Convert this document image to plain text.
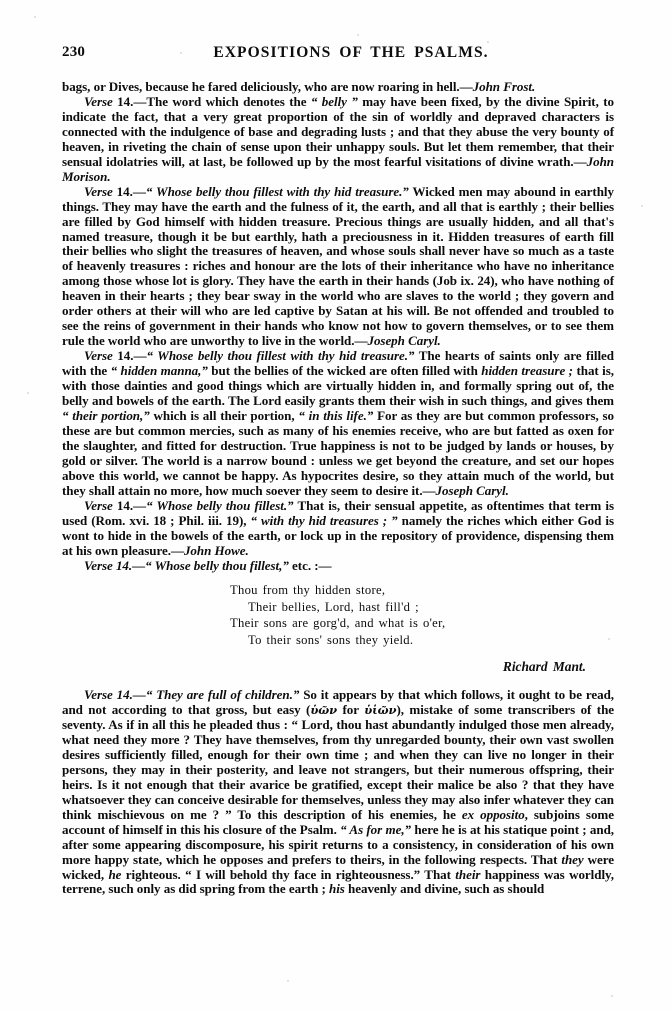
230	EXPOSITIONS OF THE PSALMS.

bags, or Dives, because he fared deliciously, who are now roaring in hell.—John Frost.

Verse 14.—The word which denotes the “ belly ” may have been fixed, by the divine Spirit, to indicate the fact, that a very great proportion of the sin of worldly and depraved characters is connected with the indulgence of base and degrading lusts ; and that they abuse the very bounty of heaven, in riveting the chain of sense upon their unhappy souls. But let them remember, that their sensual idolatries will, at last, be followed up by the most fearful visitations of divine wrath.—John Morison.

Verse 14.—“ Whose belly thou fillest with thy hid treasure.” Wicked men may abound in earthly things. They may have the earth and the fulness of it, the earth, and all that is earthly ; their bellies are filled by God himself with hidden treasure. Precious things are usually hidden, and all that's named treasure, though it be but earthly, hath a preciousness in it. Hidden treasures of earth fill their bellies who slight the treasures of heaven, and whose souls shall never have so much as a taste of heavenly treasures : riches and honour are the lots of their inheritance who have no inheritance among those whose lot is glory. They have the earth in their hands (Job ix. 24), who have nothing of heaven in their hearts ; they bear sway in the world who are slaves to the world ; they govern and order others at their will who are led captive by Satan at his will. Be not offended and troubled to see the reins of government in their hands who know not how to govern themselves, or to see them rule the world who are unworthy to live in the world.—Joseph Caryl.

Verse 14.—“ Whose belly thou fillest with thy hid treasure.” The hearts of saints only are filled with the “ hidden manna,” but the bellies of the wicked are often filled with hidden treasure ; that is, with those dainties and good things which are virtually hidden in, and formally spring out of, the belly and bowels of the earth. The Lord easily grants them their wish in such things, and gives them “ their portion,” which is all their portion, “ in this life.” For as they are but common professors, so these are but common mercies, such as many of his enemies receive, who are but fatted as oxen for the slaughter, and fitted for destruction. True happiness is not to be judged by lands or houses, by gold or silver. The world is a narrow bound : unless we get beyond the creature, and set our hopes above this world, we cannot be happy. As hypocrites desire, so they attain much of the world, but they shall attain no more, how much soever they seem to desire it.—Joseph Caryl.

Verse 14.—“ Whose belly thou fillest.” That is, their sensual appetite, as oftentimes that term is used (Rom. xvi. 18 ; Phil. iii. 19), “ with thy hid treasures ; ” namely the riches which either God is wont to hide in the bowels of the earth, or lock up in the repository of providence, dispensing them at his own pleasure.—John Howe.

Verse 14.—“ Whose belly thou fillest,” etc. :—

Thou from thy hidden store,
Their bellies, Lord, hast fill'd ;
Their sons are gorg'd, and what is o'er,
To their sons' sons they yield.

Richard Mant.

Verse 14.—“ They are full of children.” So it appears by that which follows, it ought to be read, and not according to that gross, but easy (ὑῶν for ὑἱῶν), mistake of some transcribers of the seventy. As if in all this he pleaded thus : “ Lord, thou hast abundantly indulged those men already, what need they more ? They have themselves, from thy unregarded bounty, their own vast swollen desires sufficiently filled, enough for their own time ; and when they can live no longer in their persons, they may in their posterity, and leave not strangers, but their numerous offspring, their heirs. Is it not enough that their avarice be gratified, except their malice be also ? that they have whatsoever they can conceive desirable for themselves, unless they may also infer whatever they can think mischievous on me ? ” To this description of his enemies, he ex opposito, subjoins some account of himself in this his closure of the Psalm. “ As for me,” here he is at his statique point ; and, after some appearing discomposure, his spirit returns to a consistency, in consideration of his own more happy state, which he opposes and prefers to theirs, in the following respects. That they were wicked, he righteous. “ I will behold thy face in righteousness.” That their happiness was worldly, terrene, such only as did spring from the earth ; his heavenly and divine, such as should
